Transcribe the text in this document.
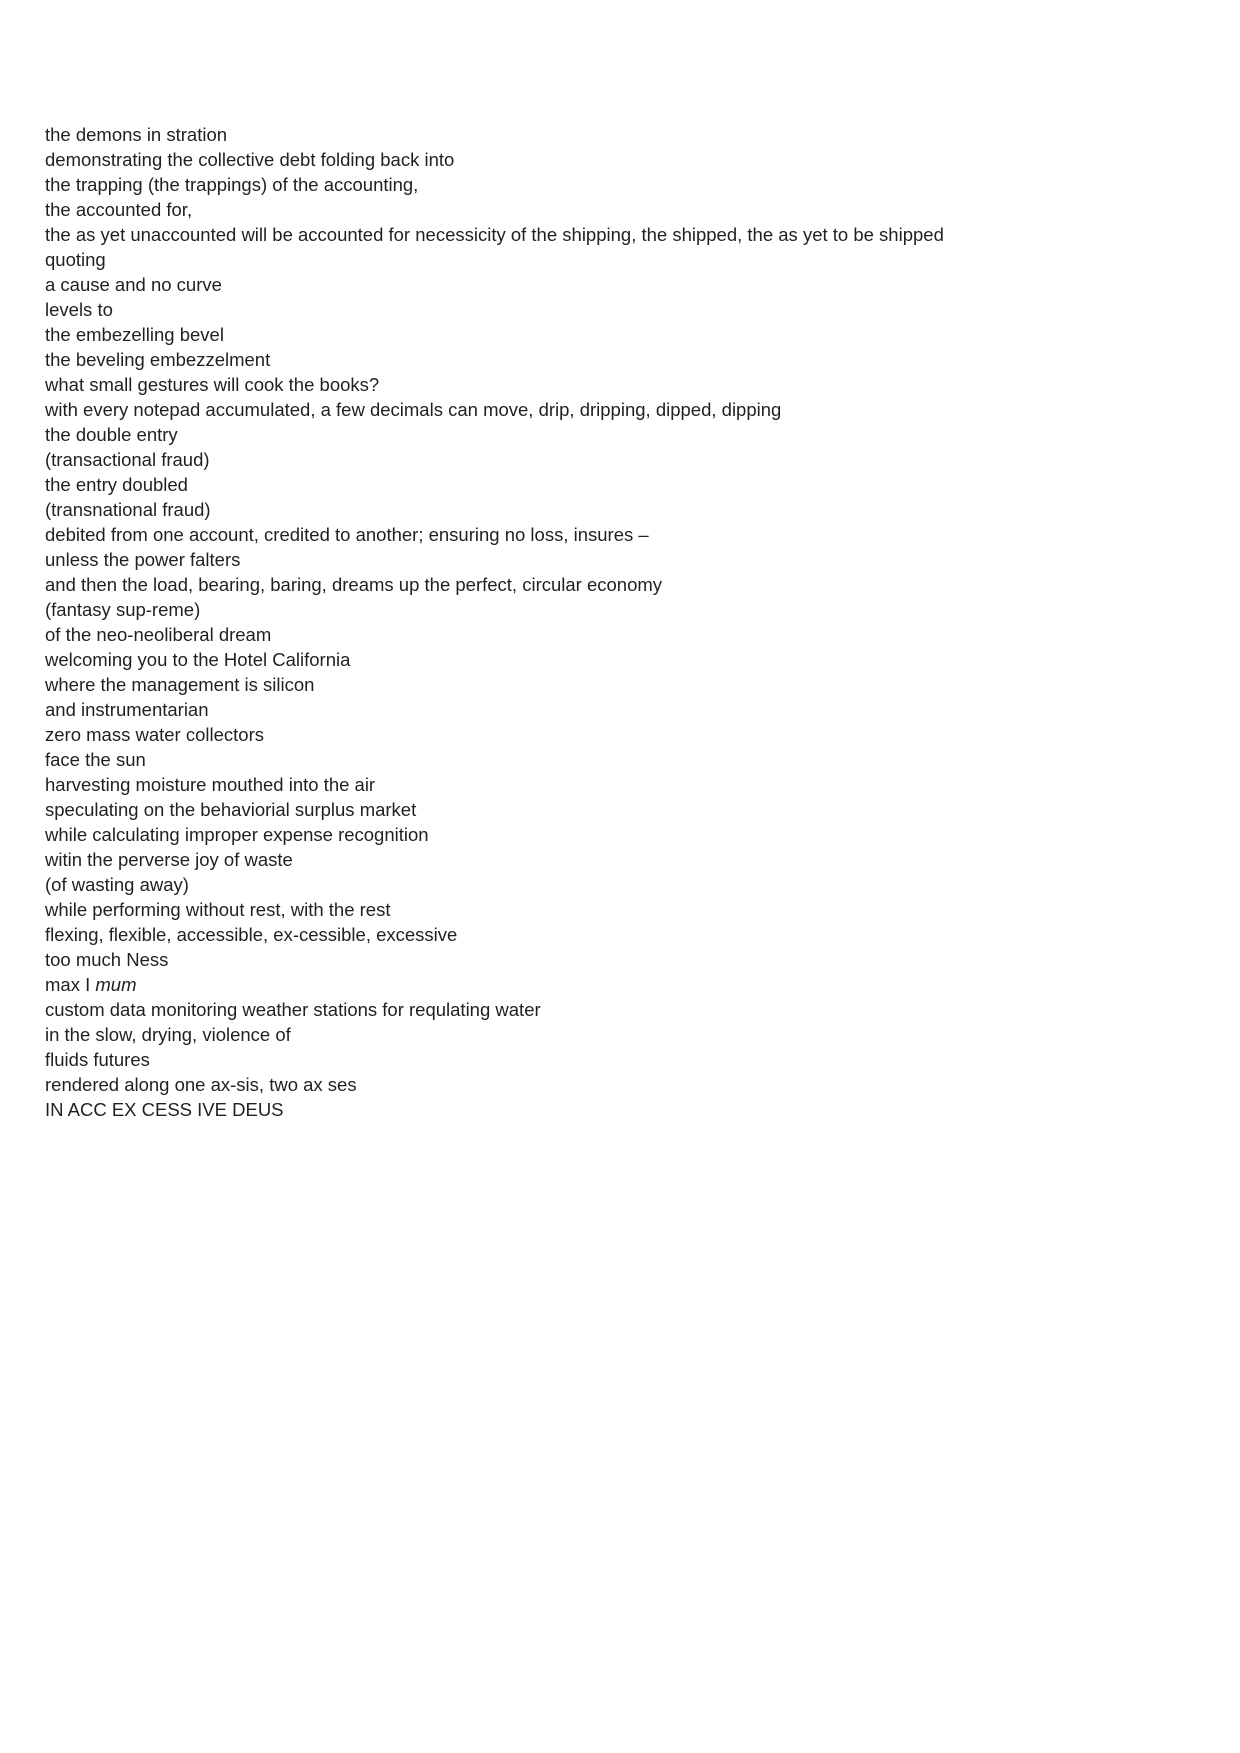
the demons in stration
demonstrating the collective debt folding back into
the trapping (the trappings) of the accounting,
the accounted for,
the as yet unaccounted will be accounted for necessicity of the shipping, the shipped, the as yet to be shipped
quoting
a cause and no curve
levels to
the embezelling bevel
the beveling embezzelment
what small gestures will cook the books?
with every notepad accumulated, a few decimals can move, drip, dripping, dipped, dipping
the double entry
(transactional fraud)
the entry doubled
(transnational fraud)
debited from one account, credited to another; ensuring no loss, insures –
unless the power falters
and then the load, bearing, baring, dreams up the perfect, circular economy
(fantasy sup-reme)
of the neo-neoliberal dream
welcoming you to the Hotel California
where the management is silicon
and instrumentarian
zero mass water collectors
face the sun
harvesting moisture mouthed into the air
speculating on the behaviorial surplus market
while calculating improper expense recognition
witin the perverse joy of waste
(of wasting away)
while performing without rest, with the rest
flexing, flexible, accessible, ex-cessible, excessive
too much Ness
max I mum
custom data monitoring weather stations for requlating water
in the slow, drying, violence of
fluids futures
rendered along one ax-sis, two ax ses
IN ACC EX CESS IVE DEUS
